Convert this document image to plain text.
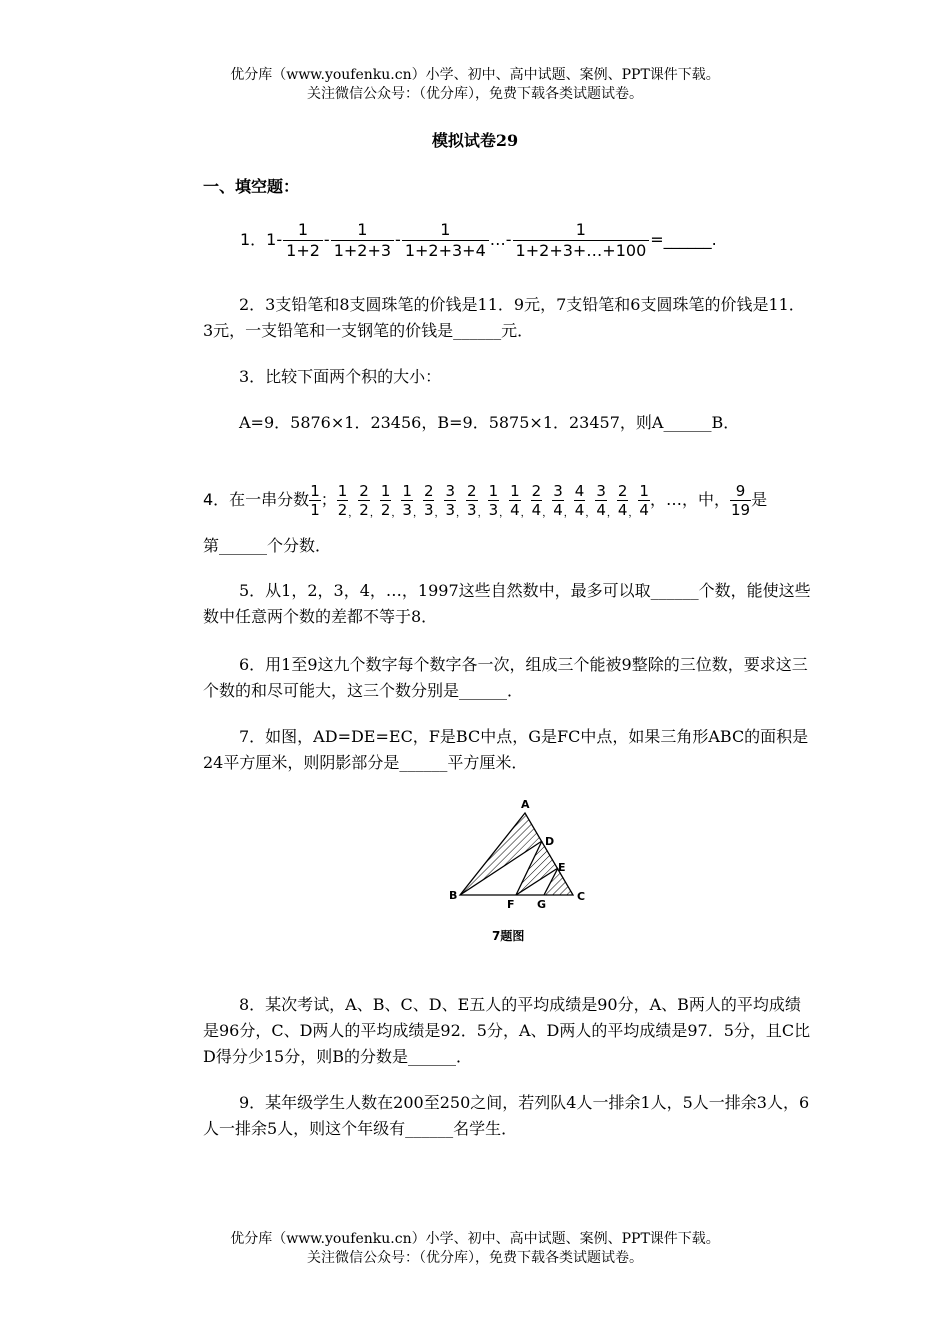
优分库（www.youfenku.cn）小学、初中、高中试题、案例、PPT课件下载。
关注微信公众号：（优分库），免费下载各类试题试卷。
模拟试卷29
一、填空题：
1．$1- \frac{1}{1+2} - \frac{1}{1+2+3} - \frac{1}{1+2+3+4}$ …- $\frac{1}{1+2+3+\dots+100}$ =______.
2．3支铅笔和8支圆珠笔的价钱是11．9元，7支铅笔和6支圆珠笔的价钱是11．3元，一支铅笔和一支钢笔的价钱是______元．
3．比较下面两个积的大小：
A=9．5876×1．23456，B=9．5875×1．23457，则A______B．
4．在一串分数 $\frac{1}{1}$ ； $\frac{1}{2}$ ， $\frac{2}{2}$ ， $\frac{1}{2}$ ， $\frac{1}{3}$ ， $\frac{2}{3}$ ， $\frac{3}{3}$ ， $\frac{2}{3}$ ， $\frac{1}{3}$ ， $\frac{1}{4}$ ， $\frac{2}{4}$ ， $\frac{3}{4}$ ， $\frac{4}{4}$ ， $\frac{3}{4}$ ， $\frac{2}{4}$ ， $\frac{1}{4}$ ，…，中， $\frac{9}{19}$ 是
第______个分数．
5．从1，2，3，4，…，1997这些自然数中，最多可以取______个数，能使这些数中任意两个数的差都不等于8．
6．用1至9这九个数字每个数字各一次，组成三个能被9整除的三位数，要求这三个数的和尽可能大，这三个数分别是______．
7．如图，AD=DE=EC，F是BC中点，G是FC中点，如果三角形ABC的面积是24平方厘米，则阴影部分是______平方厘米．
A
B	C
D
E
F G
7题图
8．某次考试，A、B、C、D、E五人的平均成绩是90分，A、B两人的平均成绩是96分，C、D两人的平均成绩是92．5分，A、D两人的平均成绩是97．5分，且C比D得分少15分，则B的分数是______．
9．某年级学生人数在200至250之间，若列队4人一排余1人，5人一排余3人，6人一排余5人，则这个年级有______名学生．
优分库（www.youfenku.cn）小学、初中、高中试题、案例、PPT课件下载。
关注微信公众号：（优分库），免费下载各类试题试卷。
